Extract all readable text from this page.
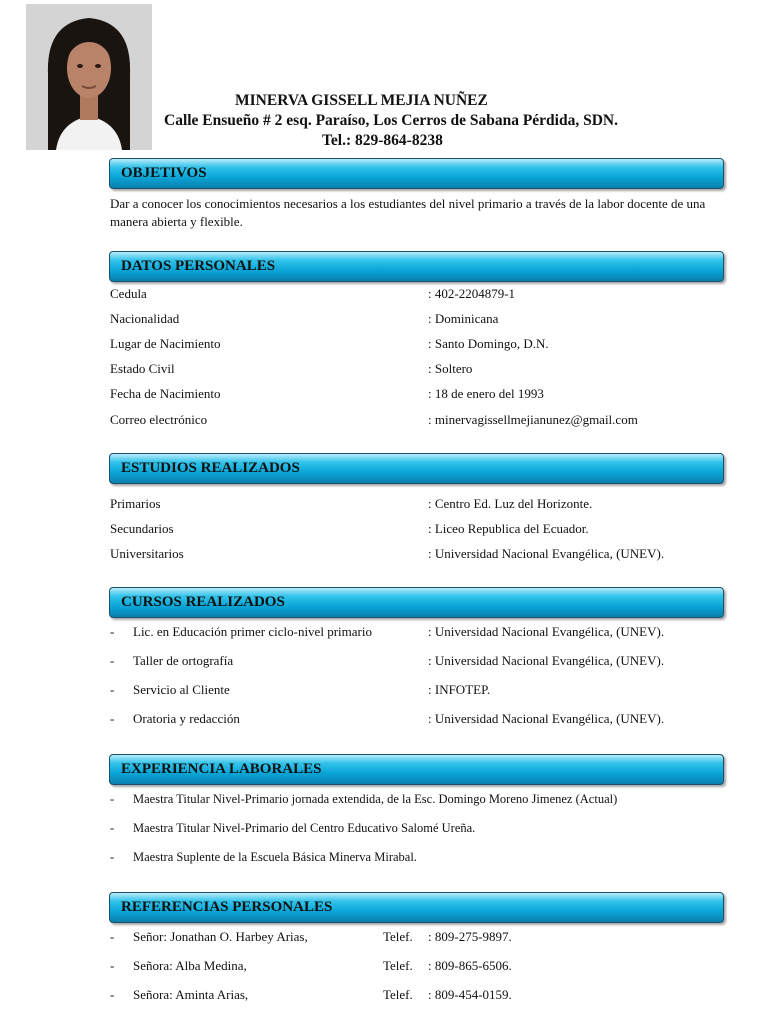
MINERVA GISSELL MEJIA NUÑEZ
Calle Ensueño # 2 esq. Paraíso, Los Cerros de Sabana Pérdida, SDN.
Tel.: 829-864-8238
OBJETIVOS
Dar a conocer los conocimientos necesarios a los estudiantes del nivel primario a través de la labor docente de una manera abierta y flexible.
DATOS PERSONALES
Cedula	: 402-2204879-1
Nacionalidad	: Dominicana
Lugar de Nacimiento	: Santo Domingo, D.N.
Estado Civil	: Soltero
Fecha de Nacimiento	: 18 de enero del 1993
Correo electrónico	: minervagissellmejianunez@gmail.com
ESTUDIOS REALIZADOS
Primarios	: Centro Ed. Luz del Horizonte.
Secundarios	: Liceo Republica del Ecuador.
Universitarios	: Universidad Nacional Evangélica, (UNEV).
CURSOS REALIZADOS
- Lic. en Educación primer ciclo-nivel primario	: Universidad Nacional Evangélica, (UNEV).
- Taller de ortografía	: Universidad Nacional Evangélica, (UNEV).
- Servicio al Cliente	: INFOTEP.
- Oratoria y redacción	: Universidad Nacional Evangélica, (UNEV).
EXPERIENCIA LABORALES
- Maestra Titular Nivel-Primario jornada extendida, de la Esc. Domingo Moreno Jimenez (Actual)
- Maestra Titular Nivel-Primario del Centro Educativo Salomé Ureña.
- Maestra Suplente de la Escuela Básica Minerva Mirabal.
REFERENCIAS PERSONALES
- Señor: Jonathan O. Harbey Arias,	Telef. : 809-275-9897.
- Señora: Alba Medina,	Telef. : 809-865-6506.
- Señora: Aminta Arias,	Telef. : 809-454-0159.
